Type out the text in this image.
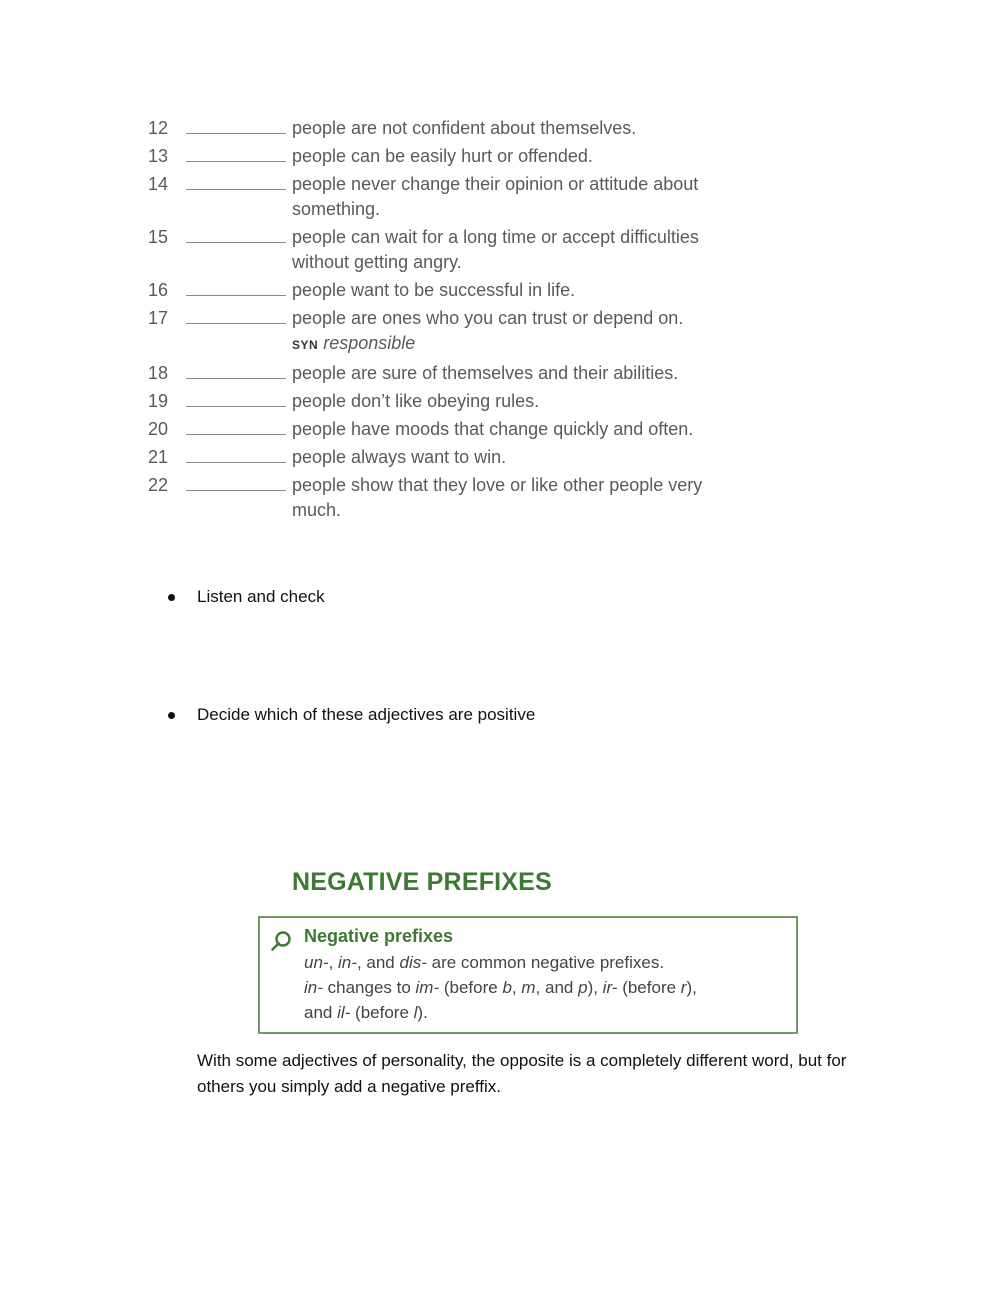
12	people are not confident about themselves.
13	people can be easily hurt or offended.
14	people never change their opinion or attitude about something.
15	people can wait for a long time or accept difficulties without getting angry.
16	people want to be successful in life.
17	people are ones who you can trust or depend on. SYN responsible
18	people are sure of themselves and their abilities.
19	people don’t like obeying rules.
20	people have moods that change quickly and often.
21	people always want to win.
22	people show that they love or like other people very much.
Listen and check
Decide which of these adjectives are positive
NEGATIVE PREFIXES
Negative prefixes
un-, in-, and dis- are common negative prefixes.
in- changes to im- (before b, m, and p), ir- (before r),
and il- (before l).
With some adjectives of personality, the opposite is a completely different word, but for others you simply add a negative preffix.
